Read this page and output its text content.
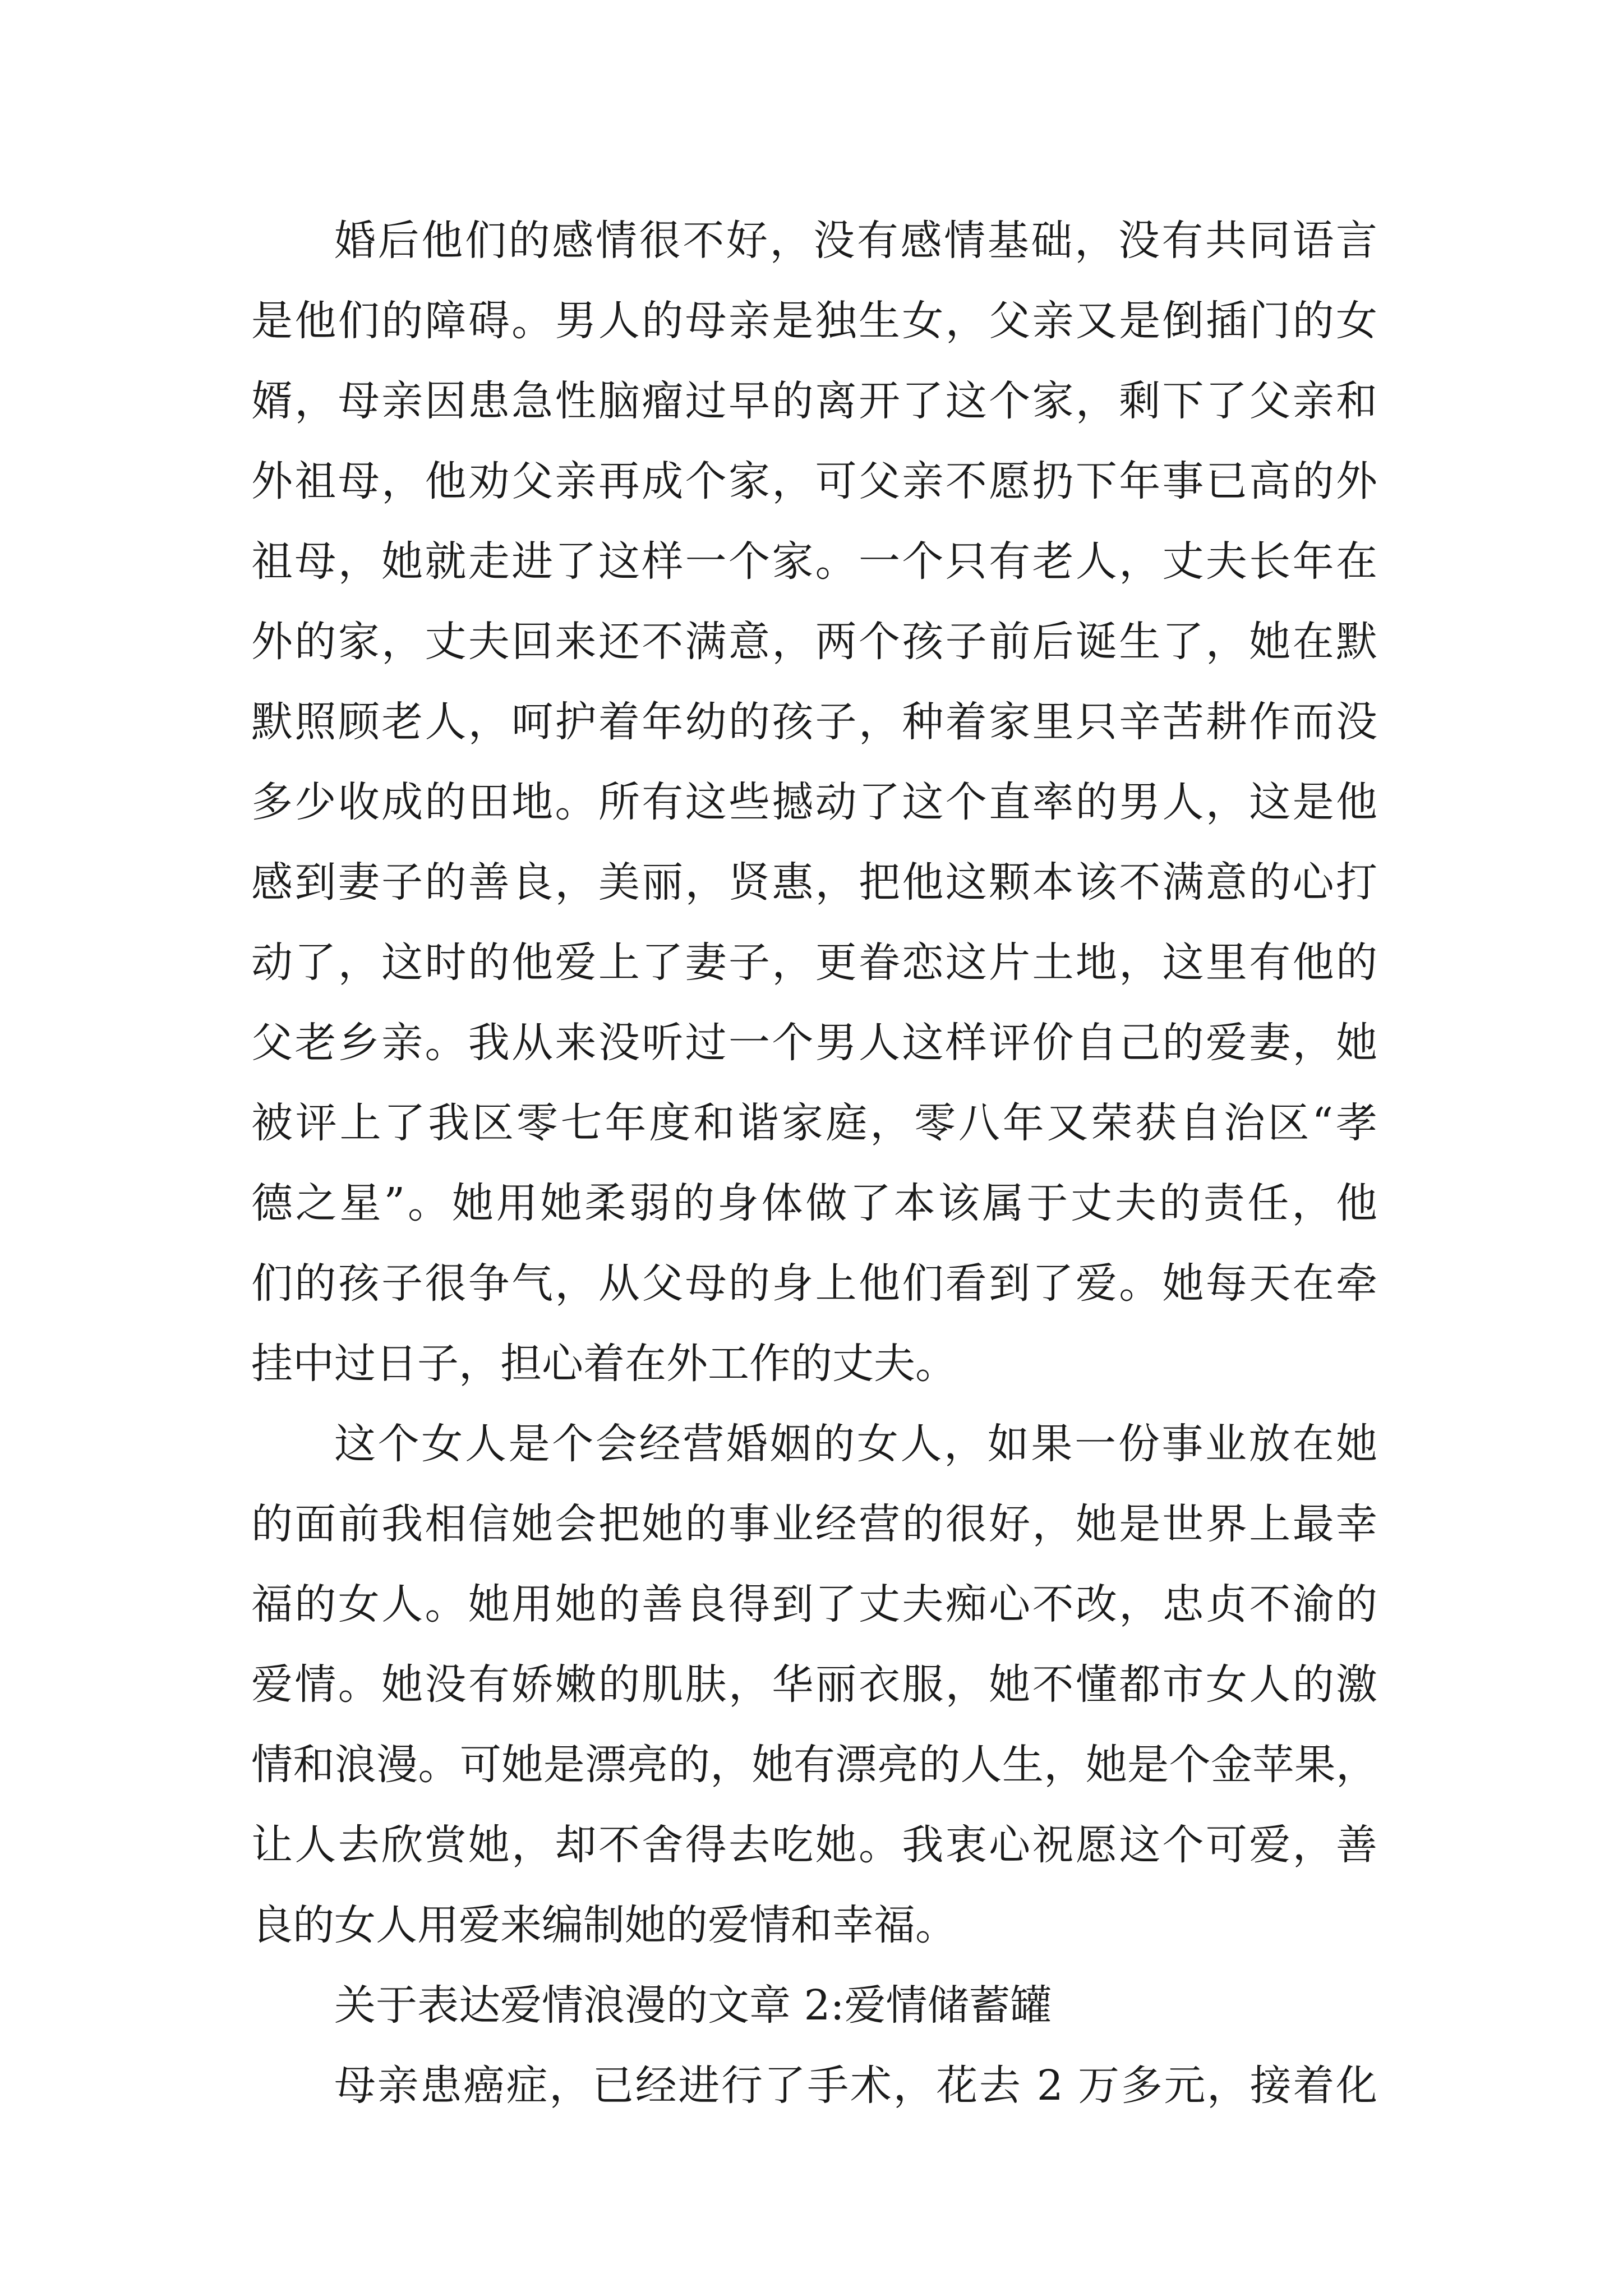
婚后他们的感情很不好，没有感情基础，没有共同语言
是他们的障碍。男人的母亲是独生女，父亲又是倒插门的女
婿，母亲因患急性脑瘤过早的离开了这个家，剩下了父亲和
外祖母，他劝父亲再成个家，可父亲不愿扔下年事已高的外
祖母，她就走进了这样一个家。一个只有老人，丈夫长年在
外的家，丈夫回来还不满意，两个孩子前后诞生了，她在默
默照顾老人，呵护着年幼的孩子，种着家里只辛苦耕作而没
多少收成的田地。所有这些撼动了这个直率的男人，这是他
感到妻子的善良，美丽，贤惠，把他这颗本该不满意的心打
动了，这时的他爱上了妻子，更眷恋这片土地，这里有他的
父老乡亲。我从来没听过一个男人这样评价自己的爱妻，她
被评上了我区零七年度和谐家庭，零八年又荣获自治区“孝
德之星”。她用她柔弱的身体做了本该属于丈夫的责任，他
们的孩子很争气，从父母的身上他们看到了爱。她每天在牵
挂中过日子，担心着在外工作的丈夫。
这个女人是个会经营婚姻的女人，如果一份事业放在她
的面前我相信她会把她的事业经营的很好，她是世界上最幸
福的女人。她用她的善良得到了丈夫痴心不改，忠贞不渝的
爱情。她没有娇嫩的肌肤，华丽衣服，她不懂都市女人的激
情和浪漫。可她是漂亮的，她有漂亮的人生，她是个金苹果，
让人去欣赏她，却不舍得去吃她。我衷心祝愿这个可爱，善
良的女人用爱来编制她的爱情和幸福。
关于表达爱情浪漫的文章 2:爱情储蓄罐
母亲患癌症，已经进行了手术，花去 2 万多元，接着化
